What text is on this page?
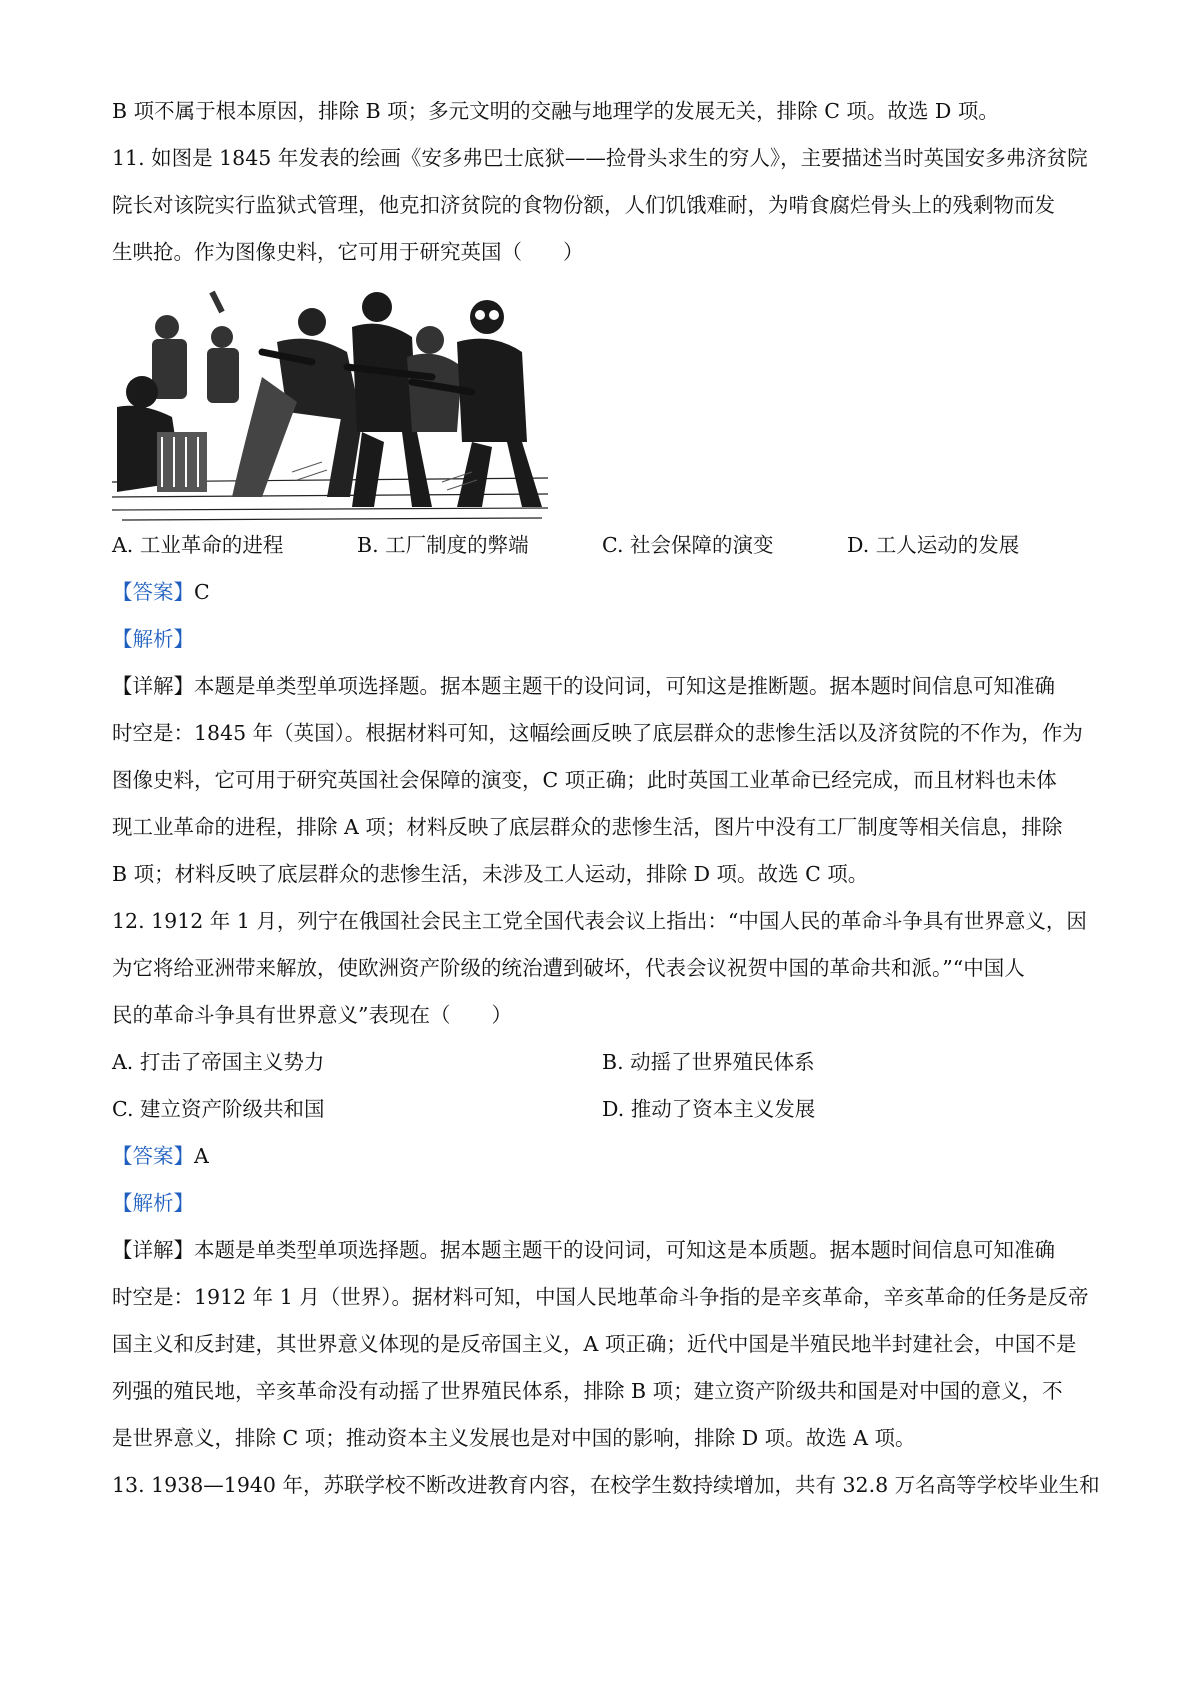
B 项不属于根本原因，排除 B 项；多元文明的交融与地理学的发展无关，排除 C 项。故选 D 项。

11. 如图是 1845 年发表的绘画《安多弗巴士底狱——捡骨头求生的穷人》，主要描述当时英国安多弗济贫院

院长对该院实行监狱式管理，他克扣济贫院的食物份额，人们饥饿难耐，为啃食腐烂骨头上的残剩物而发

生哄抢。作为图像史料，它可用于研究英国（　　）

A. 工业革命的进程	B. 工厂制度的弊端	C. 社会保障的演变	D. 工人运动的发展

【答案】C

【解析】

【详解】本题是单类型单项选择题。据本题主题干的设问词，可知这是推断题。据本题时间信息可知准确

时空是：1845 年（英国）。根据材料可知，这幅绘画反映了底层群众的悲惨生活以及济贫院的不作为，作为

图像史料，它可用于研究英国社会保障的演变，C 项正确；此时英国工业革命已经完成，而且材料也未体

现工业革命的进程，排除 A 项；材料反映了底层群众的悲惨生活，图片中没有工厂制度等相关信息，排除

B 项；材料反映了底层群众的悲惨生活，未涉及工人运动，排除 D 项。故选 C 项。

12. 1912 年 1 月，列宁在俄国社会民主工党全国代表会议上指出：“中国人民的革命斗争具有世界意义，因

为它将给亚洲带来解放，使欧洲资产阶级的统治遭到破坏，代表会议祝贺中国的革命共和派。”“中国人

民的革命斗争具有世界意义”表现在（　　）

A. 打击了帝国主义势力	B. 动摇了世界殖民体系
C. 建立资产阶级共和国	D. 推动了资本主义发展

【答案】A

【解析】

【详解】本题是单类型单项选择题。据本题主题干的设问词，可知这是本质题。据本题时间信息可知准确

时空是：1912 年 1 月（世界）。据材料可知，中国人民地革命斗争指的是辛亥革命，辛亥革命的任务是反帝

国主义和反封建，其世界意义体现的是反帝国主义，A 项正确；近代中国是半殖民地半封建社会，中国不是

列强的殖民地，辛亥革命没有动摇了世界殖民体系，排除 B 项；建立资产阶级共和国是对中国的意义，不

是世界意义，排除 C 项；推动资本主义发展也是对中国的影响，排除 D 项。故选 A 项。

13. 1938—1940 年，苏联学校不断改进教育内容，在校学生数持续增加，共有 32.8 万名高等学校毕业生和
